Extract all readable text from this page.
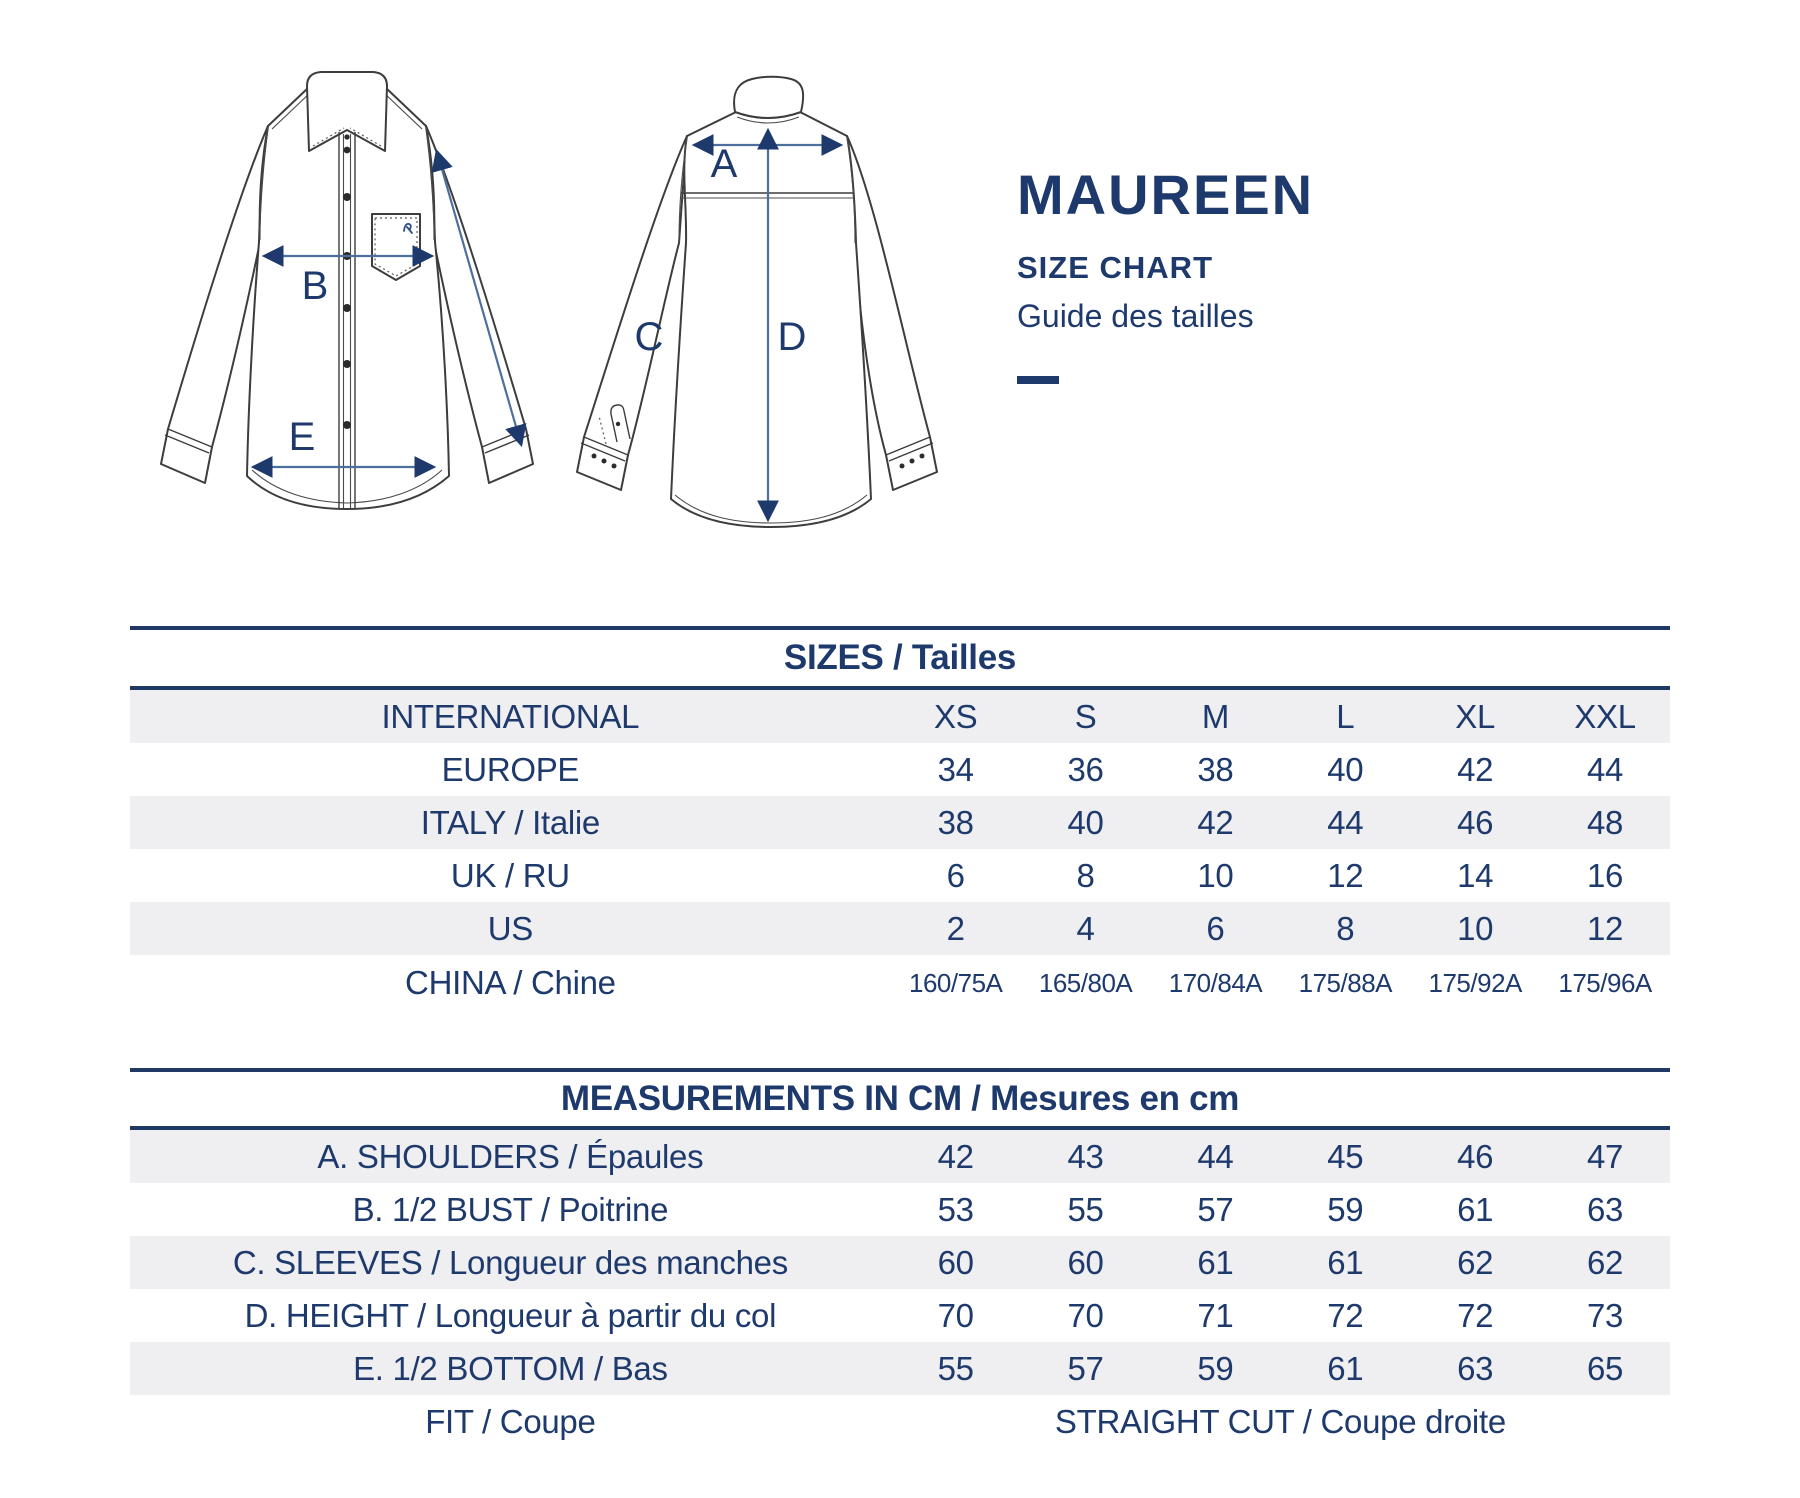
B
E
A
C	D
MAUREEN
SIZE CHART
Guide des tailles
SIZES / Tailles
INTERNATIONAL	XS	S	M	L	XL	XXL
EUROPE	34	36	38	40	42	44
ITALY / Italie	38	40	42	44	46	48
UK / RU	6	8	10	12	14	16
US	2	4	6	8	10	12
CHINA / Chine	160/75A	165/80A	170/84A	175/88A	175/92A	175/96A
MEASUREMENTS IN CM / Mesures en cm
A. SHOULDERS / Épaules	42	43	44	45	46	47
B. 1/2 BUST / Poitrine	53	55	57	59	61	63
C. SLEEVES / Longueur des manches	60	60	61	61	62	62
D. HEIGHT / Longueur à partir du col	70	70	71	72	72	73
E. 1/2 BOTTOM / Bas	55	57	59	61	63	65
FIT / Coupe	STRAIGHT CUT / Coupe droite
